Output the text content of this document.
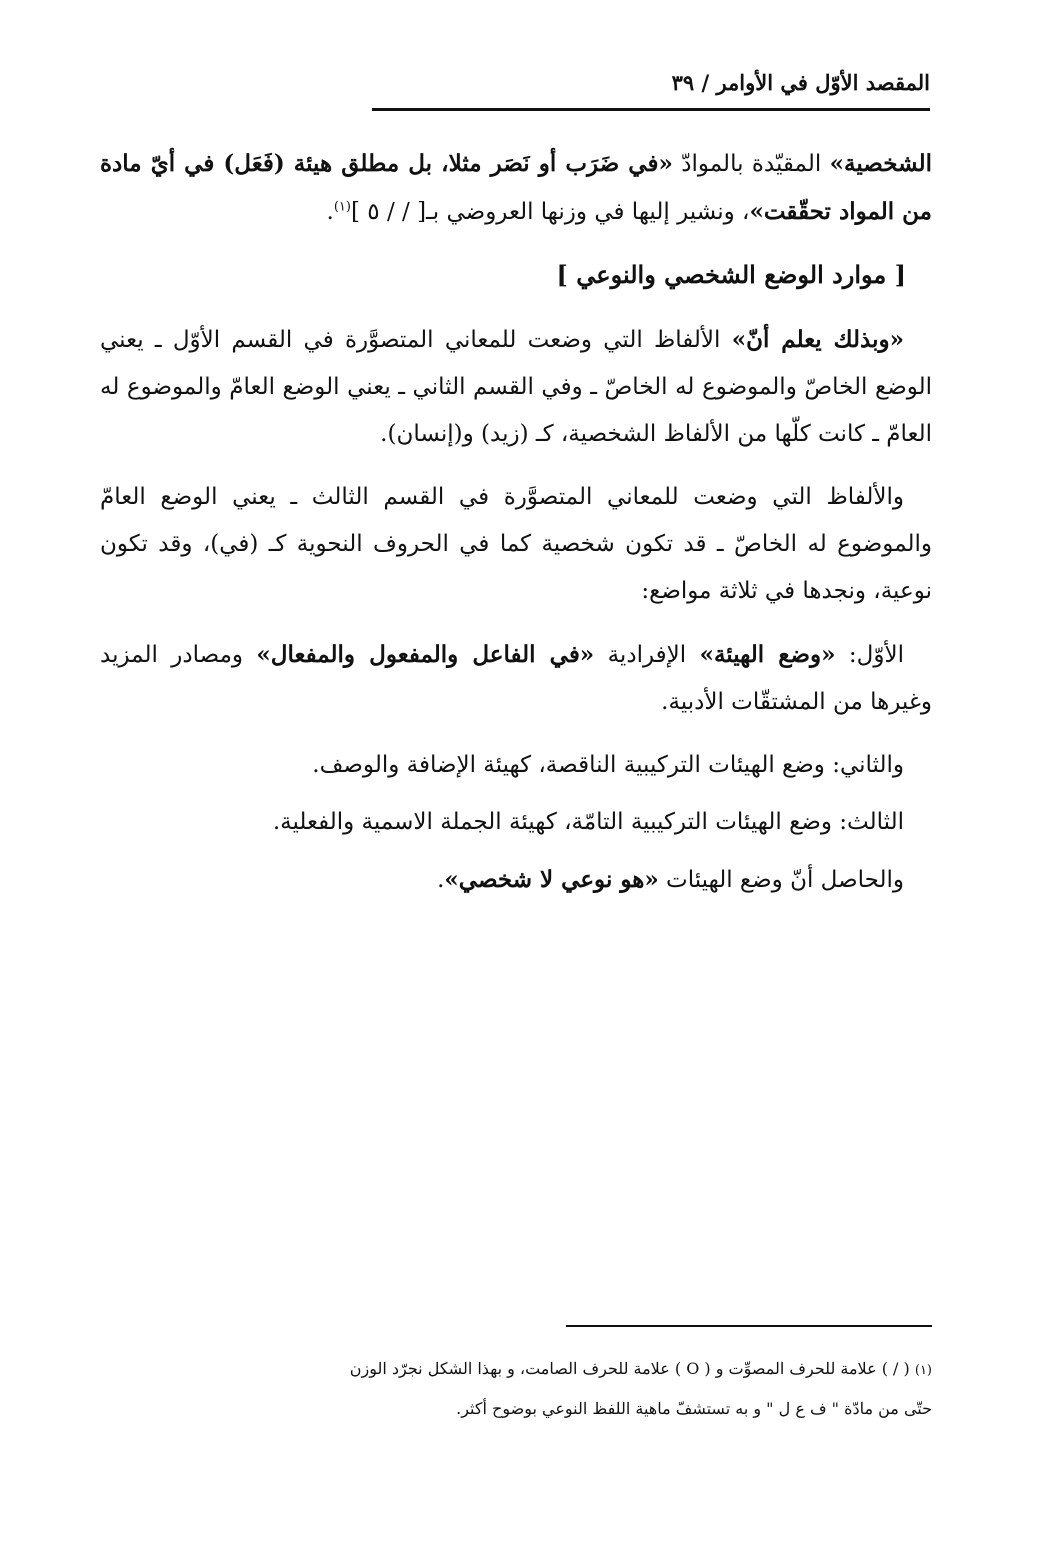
المقصد الأوّل في الأوامر / ٣٩

الشخصية» المقيّدة بالموادّ «في ضَرَب أو نَصَر مثلا، بل مطلق هيئة (فَعَل) في أيّ مادة من المواد تحقّقت»، ونشير إليها في وزنها العروضي بـ[ / / ٥ ]$^{(١)}$.

[ موارد الوضع الشخصي والنوعي ]

«وبذلك يعلم أنّ» الألفاظ التي وضعت للمعاني المتصوَّرة في القسم الأوّل ـ يعني الوضع الخاصّ والموضوع له الخاصّ ـ وفي القسم الثاني ـ يعني الوضع العامّ والموضوع له العامّ ـ كانت كلّها من الألفاظ الشخصية، كـ (زيد) و(إنسان).

والألفاظ التي وضعت للمعاني المتصوَّرة في القسم الثالث ـ يعني الوضع العامّ والموضوع له الخاصّ ـ قد تكون شخصية كما في الحروف النحوية كـ (في)، وقد تكون نوعية، ونجدها في ثلاثة مواضع:

الأوّل: «وضع الهيئة» الإفرادية «في الفاعل والمفعول والمفعال» ومصادر المزيد وغيرها من المشتقّات الأدبية.

والثاني: وضع الهيئات التركيبية الناقصة، كهيئة الإضافة والوصف.

الثالث: وضع الهيئات التركيبية التامّة، كهيئة الجملة الاسمية والفعلية.

والحاصل أنّ وضع الهيئات «هو نوعي لا شخصي».

(١) ( / ) علامة للحرف المصوِّت و ( O ) علامة للحرف الصامت، و بهذا الشكل نجرّد الوزن

حتّى من مادّة " ف ع ل " و به تستشفّ ماهية اللفظ النوعي بوضوح أكثر.
